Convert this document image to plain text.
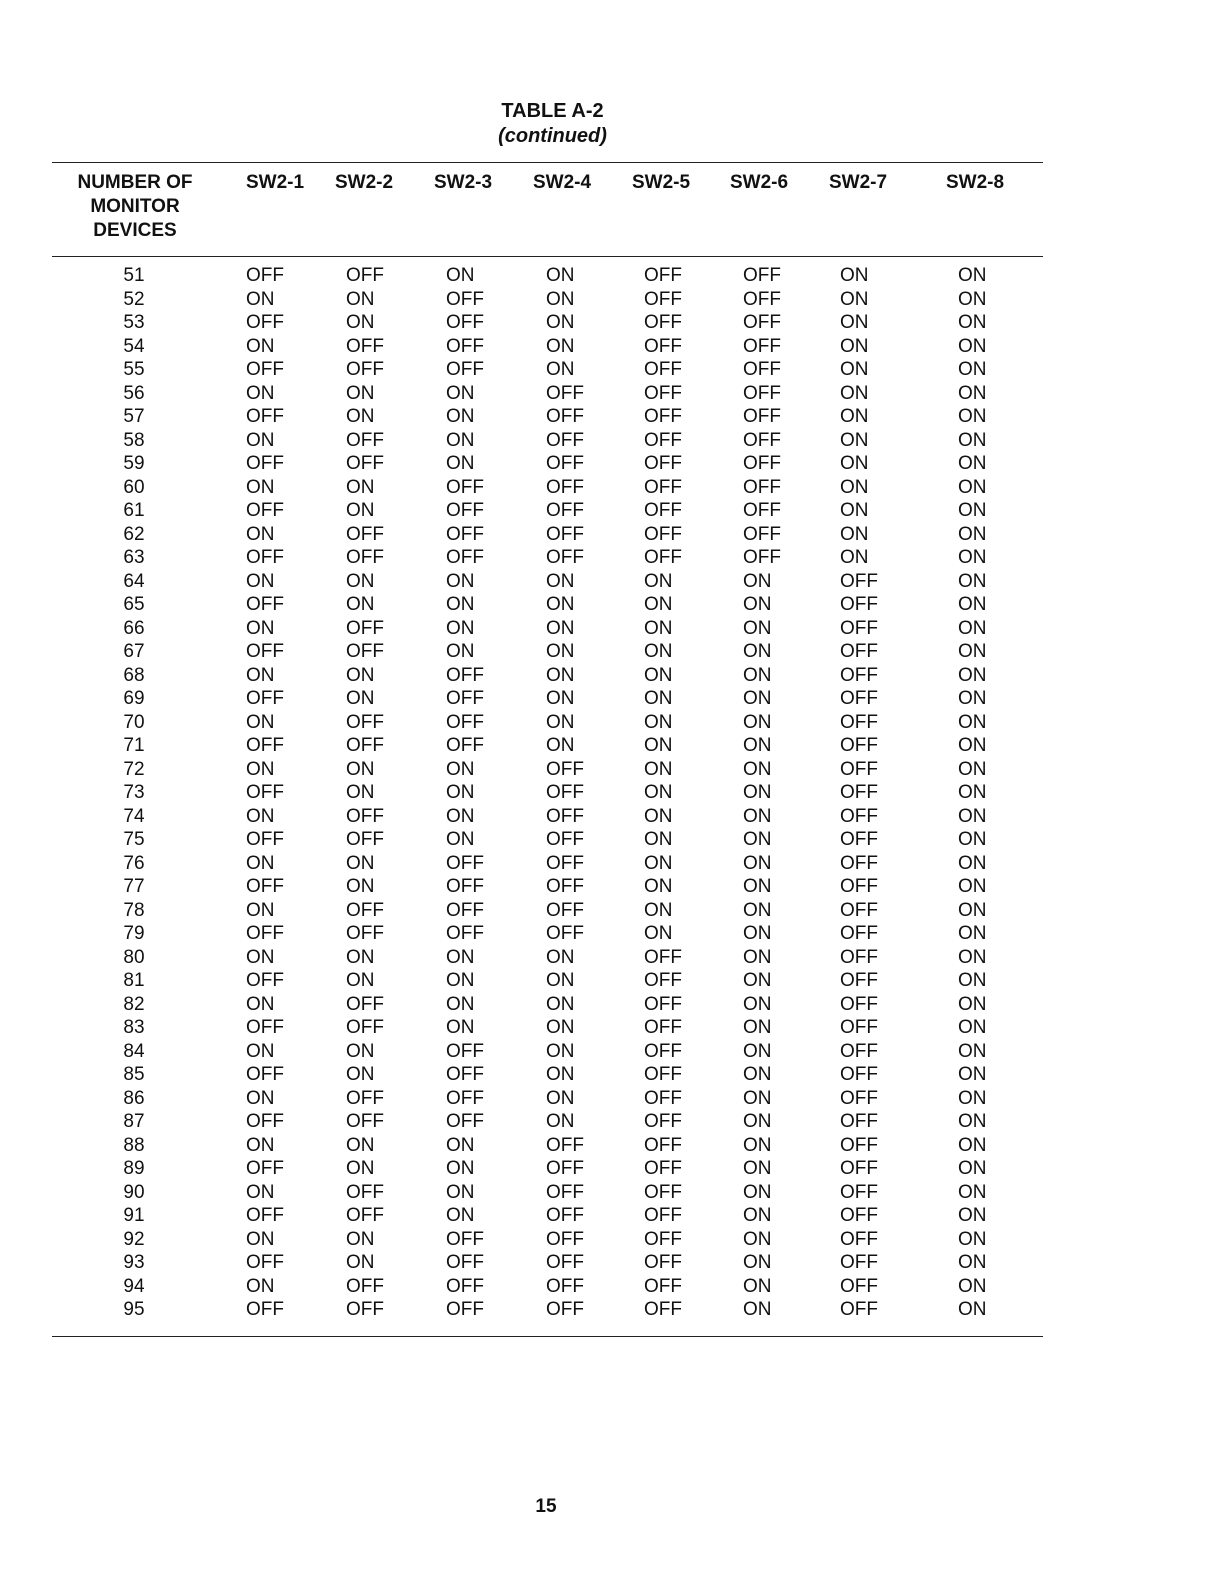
TABLE A-2
(continued)
NUMBER OF
MONITOR
DEVICES
SW2-1 SW2-2 SW2-3 SW2-4 SW2-5 SW2-6 SW2-7	SW2-8
51	OFF	OFF	ON	ON	OFF	OFF	ON	ON
52	ON	ON	OFF	ON	OFF	OFF	ON	ON
53	OFF	ON	OFF	ON	OFF	OFF	ON	ON
54	ON	OFF	OFF	ON	OFF	OFF	ON	ON
55	OFF	OFF	OFF	ON	OFF	OFF	ON	ON
56	ON	ON	ON	OFF	OFF	OFF	ON	ON
57	OFF	ON	ON	OFF	OFF	OFF	ON	ON
58	ON	OFF	ON	OFF	OFF	OFF	ON	ON
59	OFF	OFF	ON	OFF	OFF	OFF	ON	ON
60	ON	ON	OFF	OFF	OFF	OFF	ON	ON
61	OFF	ON	OFF	OFF	OFF	OFF	ON	ON
62	ON	OFF	OFF	OFF	OFF	OFF	ON	ON
63	OFF	OFF	OFF	OFF	OFF	OFF	ON	ON
64	ON	ON	ON	ON	ON	ON	OFF	ON
65	OFF	ON	ON	ON	ON	ON	OFF	ON
66	ON	OFF	ON	ON	ON	ON	OFF	ON
67	OFF	OFF	ON	ON	ON	ON	OFF	ON
68	ON	ON	OFF	ON	ON	ON	OFF	ON
69	OFF	ON	OFF	ON	ON	ON	OFF	ON
70	ON	OFF	OFF	ON	ON	ON	OFF	ON
71	OFF	OFF	OFF	ON	ON	ON	OFF	ON
72	ON	ON	ON	OFF	ON	ON	OFF	ON
73	OFF	ON	ON	OFF	ON	ON	OFF	ON
74	ON	OFF	ON	OFF	ON	ON	OFF	ON
75	OFF	OFF	ON	OFF	ON	ON	OFF	ON
76	ON	ON	OFF	OFF	ON	ON	OFF	ON
77	OFF	ON	OFF	OFF	ON	ON	OFF	ON
78	ON	OFF	OFF	OFF	ON	ON	OFF	ON
79	OFF	OFF	OFF	OFF	ON	ON	OFF	ON
80	ON	ON	ON	ON	OFF	ON	OFF	ON
81	OFF	ON	ON	ON	OFF	ON	OFF	ON
82	ON	OFF	ON	ON	OFF	ON	OFF	ON
83	OFF	OFF	ON	ON	OFF	ON	OFF	ON
84	ON	ON	OFF	ON	OFF	ON	OFF	ON
85	OFF	ON	OFF	ON	OFF	ON	OFF	ON
86	ON	OFF	OFF	ON	OFF	ON	OFF	ON
87	OFF	OFF	OFF	ON	OFF	ON	OFF	ON
88	ON	ON	ON	OFF	OFF	ON	OFF	ON
89	OFF	ON	ON	OFF	OFF	ON	OFF	ON
90	ON	OFF	ON	OFF	OFF	ON	OFF	ON
91	OFF	OFF	ON	OFF	OFF	ON	OFF	ON
92	ON	ON	OFF	OFF	OFF	ON	OFF	ON
93	OFF	ON	OFF	OFF	OFF	ON	OFF	ON
94	ON	OFF	OFF	OFF	OFF	ON	OFF	ON
95	OFF	OFF	OFF	OFF	OFF	ON	OFF	ON
15
